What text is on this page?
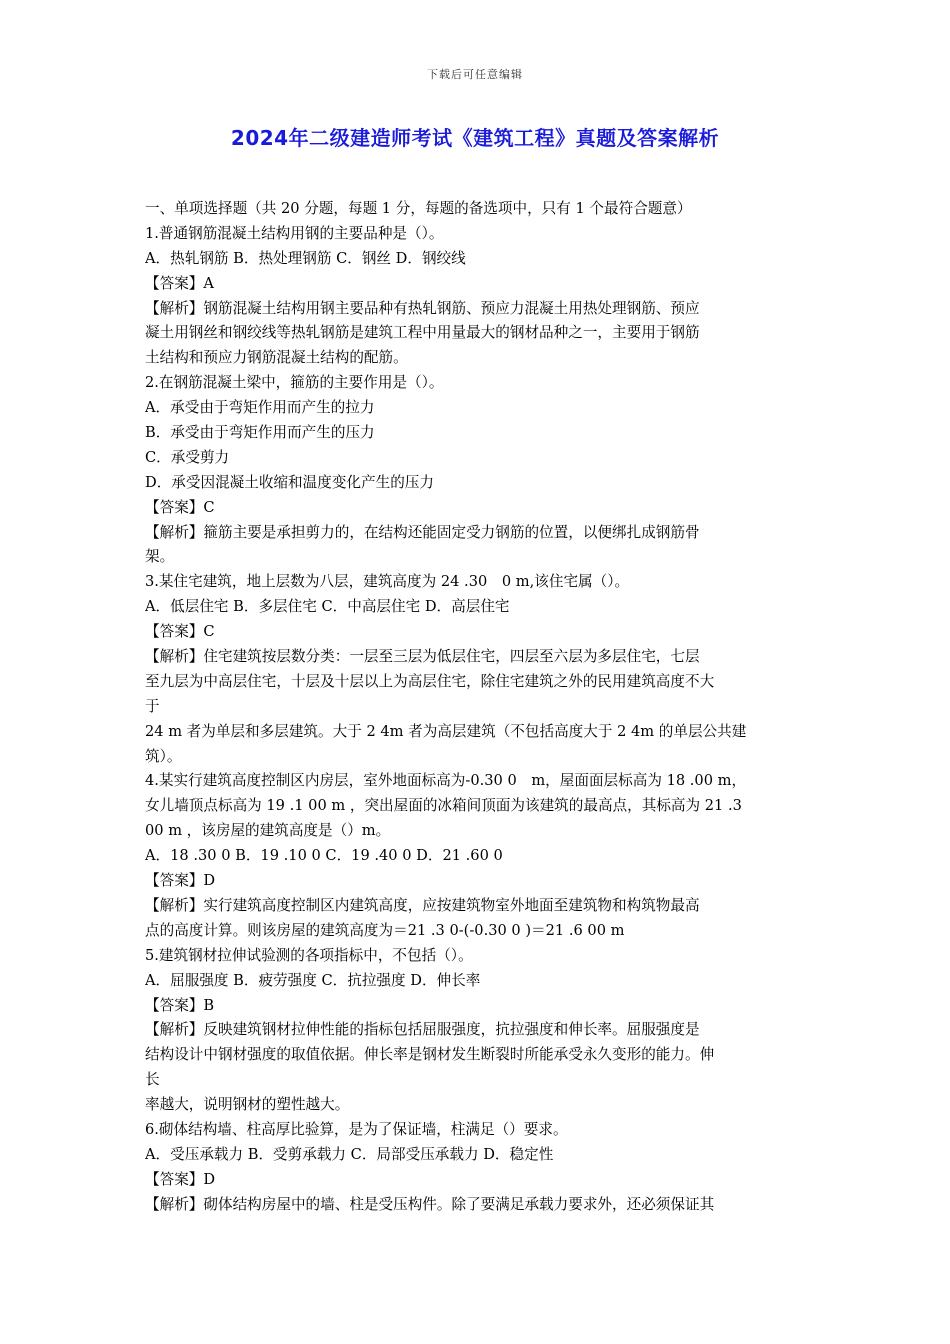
下载后可任意编辑
2024年二级建造师考试《建筑工程》真题及答案解析
一、单项选择题（共 20 分题，每题 1 分，每题的备选项中，只有 1 个最符合题意）
1.普通钢筋混凝土结构用钢的主要品种是（）。
A．热轧钢筋 B．热处理钢筋 C．钢丝 D．钢绞线
【答案】A
【解析】钢筋混凝土结构用钢主要品种有热轧钢筋、预应力混凝土用热处理钢筋、预应
凝土用钢丝和钢绞线等热轧钢筋是建筑工程中用量最大的钢材品种之一，主要用于钢筋
土结构和预应力钢筋混凝土结构的配筋。
2.在钢筋混凝土梁中，箍筋的主要作用是（）。
A．承受由于弯矩作用而产生的拉力
B．承受由于弯矩作用而产生的压力
C．承受剪力
D．承受因混凝土收缩和温度变化产生的压力
【答案】C
【解析】箍筋主要是承担剪力的，在结构还能固定受力钢筋的位置，以便绑扎成钢筋骨
架。
3.某住宅建筑，地上层数为八层，建筑高度为 24 .30　0 m,该住宅属（）。
A．低层住宅 B．多层住宅 C．中高层住宅 D．高层住宅
【答案】C
【解析】住宅建筑按层数分类：一层至三层为低层住宅，四层至六层为多层住宅，七层
至九层为中高层住宅，十层及十层以上为高层住宅，除住宅建筑之外的民用建筑高度不大
于
24 m 者为单层和多层建筑。大于 2 4m 者为高层建筑（不包括高度大于 2 4m 的单层公共建
筑）。
4.某实行建筑高度控制区内房层，室外地面标高为-0.30 0　m，屋面面层标高为 18 .00 m，
女儿墙顶点标高为 19 .1 00 m ，突出屋面的冰箱间顶面为该建筑的最高点，其标高为 21 .3
00 m ，该房屋的建筑高度是（）m。
A．18 .30 0 B．19 .10 0 C．19 .40 0 D．21 .60 0
【答案】D
【解析】实行建筑高度控制区内建筑高度，应按建筑物室外地面至建筑物和构筑物最高
点的高度计算。则该房屋的建筑高度为＝21 .3 0-(-0.30 0 )＝21 .6 00 m
5.建筑钢材拉伸试验测的各项指标中，不包括（）。
A．屈服强度 B．疲劳强度 C．抗拉强度 D．伸长率
【答案】B
【解析】反映建筑钢材拉伸性能的指标包括屈服强度，抗拉强度和伸长率。屈服强度是
结构设计中钢材强度的取值依据。伸长率是钢材发生断裂时所能承受永久变形的能力。伸
长
率越大，说明钢材的塑性越大。
6.砌体结构墙、柱高厚比验算，是为了保证墙，柱满足（）要求。
A．受压承载力 B．受剪承载力 C．局部受压承载力 D．稳定性
【答案】D
【解析】砌体结构房屋中的墙、柱是受压构件。除了要满足承载力要求外，还必须保证其
